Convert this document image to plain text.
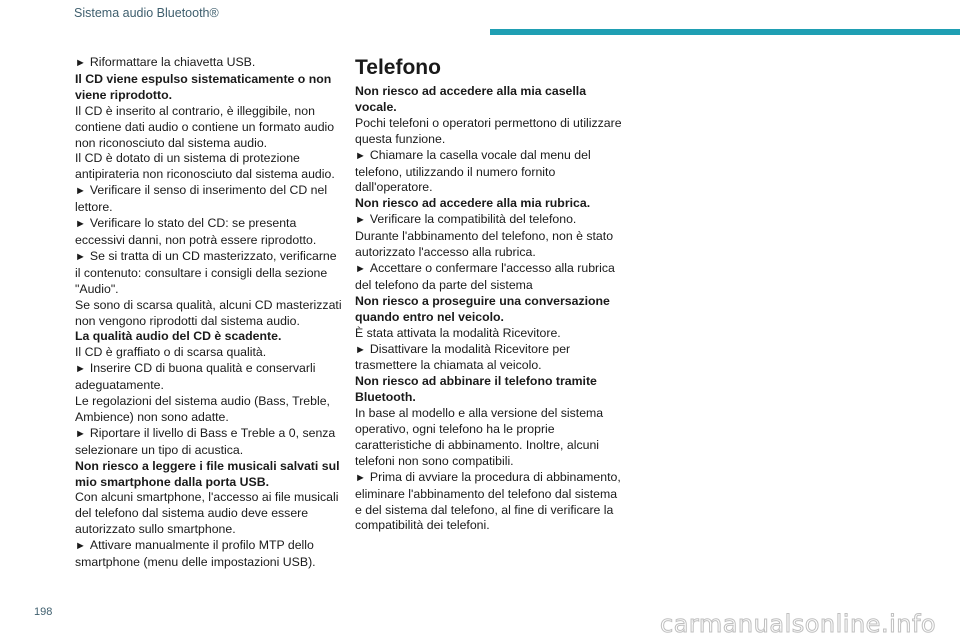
Sistema audio Bluetooth®

► Riformattare la chiavetta USB.

Il CD viene espulso sistematicamente o non viene riprodotto.

Il CD è inserito al contrario, è illeggibile, non contiene dati audio o contiene un formato audio non riconosciuto dal sistema audio.

Il CD è dotato di un sistema di protezione antipirateria non riconosciuto dal sistema audio.

► Verificare il senso di inserimento del CD nel lettore.

► Verificare lo stato del CD: se presenta eccessivi danni, non potrà essere riprodotto.

► Se si tratta di un CD masterizzato, verificarne il contenuto: consultare i consigli della sezione "Audio".

Se sono di scarsa qualità, alcuni CD masterizzati non vengono riprodotti dal sistema audio.

La qualità audio del CD è scadente.

Il CD è graffiato o di scarsa qualità.

► Inserire CD di buona qualità e conservarli adeguatamente.

Le regolazioni del sistema audio (Bass, Treble, Ambience) non sono adatte.

► Riportare il livello di Bass e Treble a 0, senza selezionare un tipo di acustica.

Non riesco a leggere i file musicali salvati sul mio smartphone dalla porta USB.

Con alcuni smartphone, l'accesso ai file musicali del telefono dal sistema audio deve essere autorizzato sullo smartphone.

► Attivare manualmente il profilo MTP dello smartphone (menu delle impostazioni USB).

Telefono

Non riesco ad accedere alla mia casella vocale.

Pochi telefoni o operatori permettono di utilizzare questa funzione.

► Chiamare la casella vocale dal menu del telefono, utilizzando il numero fornito dall'operatore.

Non riesco ad accedere alla mia rubrica.

► Verificare la compatibilità del telefono.

Durante l'abbinamento del telefono, non è stato autorizzato l'accesso alla rubrica.

► Accettare o confermare l'accesso alla rubrica del telefono da parte del sistema

Non riesco a proseguire una conversazione quando entro nel veicolo.

È stata attivata la modalità Ricevitore.

► Disattivare la modalità Ricevitore per trasmettere la chiamata al veicolo.

Non riesco ad abbinare il telefono tramite Bluetooth.

In base al modello e alla versione del sistema operativo, ogni telefono ha le proprie caratteristiche di abbinamento. Inoltre, alcuni telefoni non sono compatibili.

► Prima di avviare la procedura di abbinamento, eliminare l'abbinamento del telefono dal sistema e del sistema dal telefono, al fine di verificare la compatibilità dei telefoni.

198	carmanualsonline.info
